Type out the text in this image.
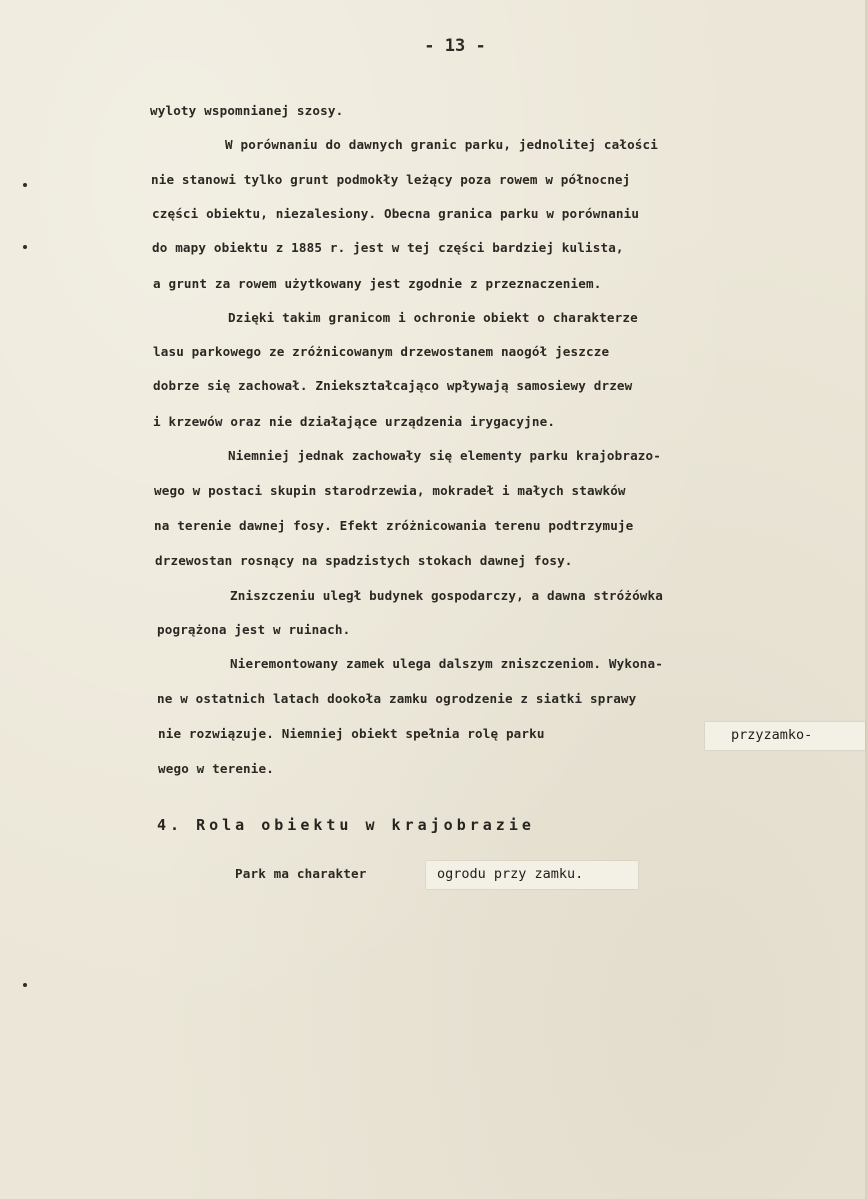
- 13 -
wyloty wspomnianej szosy.
W porównaniu do dawnych granic parku, jednolitej całości
nie stanowi tylko grunt podmokły leżący poza rowem w północnej
części obiektu, niezalesiony. Obecna granica parku w porównaniu
do mapy obiektu z 1885 r. jest w tej części bardziej kulista,
a grunt za rowem użytkowany jest zgodnie z przeznaczeniem.
Dzięki takim granicom i ochronie obiekt o charakterze
lasu parkowego ze zróżnicowanym drzewostanem naogół jeszcze
dobrze się zachował. Zniekształcająco wpływają samosiewy drzew
i krzewów oraz nie działające urządzenia irygacyjne.
Niemniej jednak zachowały się elementy parku krajobrazo-
wego w postaci skupin starodrzewia, mokradeł i małych stawków
na terenie dawnej fosy. Efekt zróżnicowania terenu podtrzymuje
drzewostan rosnący na spadzistych stokach dawnej fosy.
Zniszczeniu uległ budynek gospodarczy, a dawna stróżówka
pogrążona jest w ruinach.
Nieremontowany zamek ulega dalszym zniszczeniom. Wykona-
ne w ostatnich latach dookoła zamku ogrodzenie z siatki sprawy
nie rozwiązuje. Niemniej obiekt spełnia rolę parku
wego w terenie.
przyzamko-
4. Rola obiektu w krajobrazie
Park ma charakter	ogrodu przy zamku.
